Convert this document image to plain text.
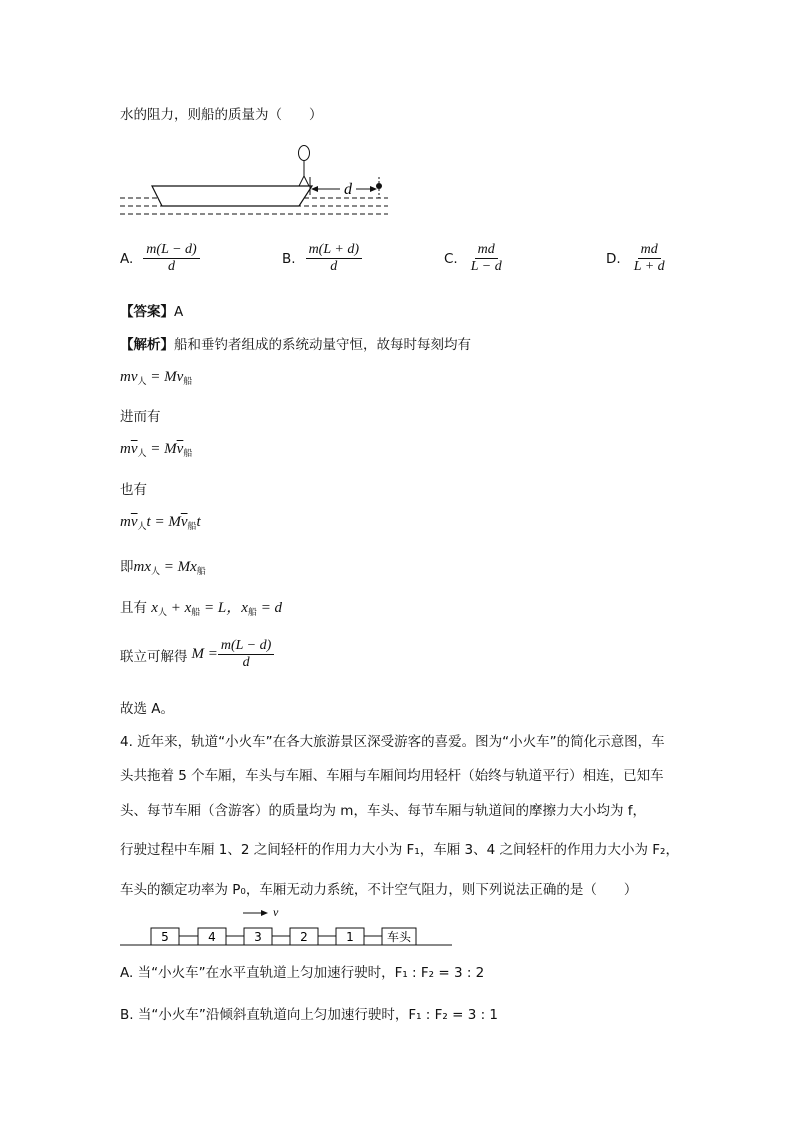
水的阻力，则船的质量为（　　）
d
A. $\frac{m(L - d)}{d}$	B. $\frac{m(L + d)}{d}$	C. $\frac{md}{L - d}$	D. $\frac{md}{L + d}$
【答案】A
【解析】船和垂钓者组成的系统动量守恒，故每时每刻均有
$mv_人 = Mv_船$
进而有
$m\overline{v}_人 = M\overline{v}_船$
也有
$m\overline{v}_人t = M\overline{v}_船t$
即$mx_人 = Mx_船$
且有 $x_人 + x_船 = L$，$x_船 = d$
联立可解得 $M = \frac{m(L - d)}{d}$
故选 A。
4. 近年来，轨道“小火车”在各大旅游景区深受游客的喜爱。图为“小火车”的简化示意图，车
头共拖着 5 个车厢，车头与车厢、车厢与车厢间均用轻杆（始终与轨道平行）相连，已知车
头、每节车厢（含游客）的质量均为 m，车头、每节车厢与轨道间的摩擦力大小均为 f，
行驶过程中车厢 1、2 之间轻杆的作用力大小为 F₁，车厢 3、4 之间轻杆的作用力大小为 F₂，
车头的额定功率为 P₀，车厢无动力系统，不计空气阻力，则下列说法正确的是（　　）
v
5	4	3	2	1	车头
A. 当“小火车”在水平直轨道上匀加速行驶时，F₁ : F₂ = 3 : 2
B. 当“小火车”沿倾斜直轨道向上匀加速行驶时，F₁ : F₂ = 3 : 1
